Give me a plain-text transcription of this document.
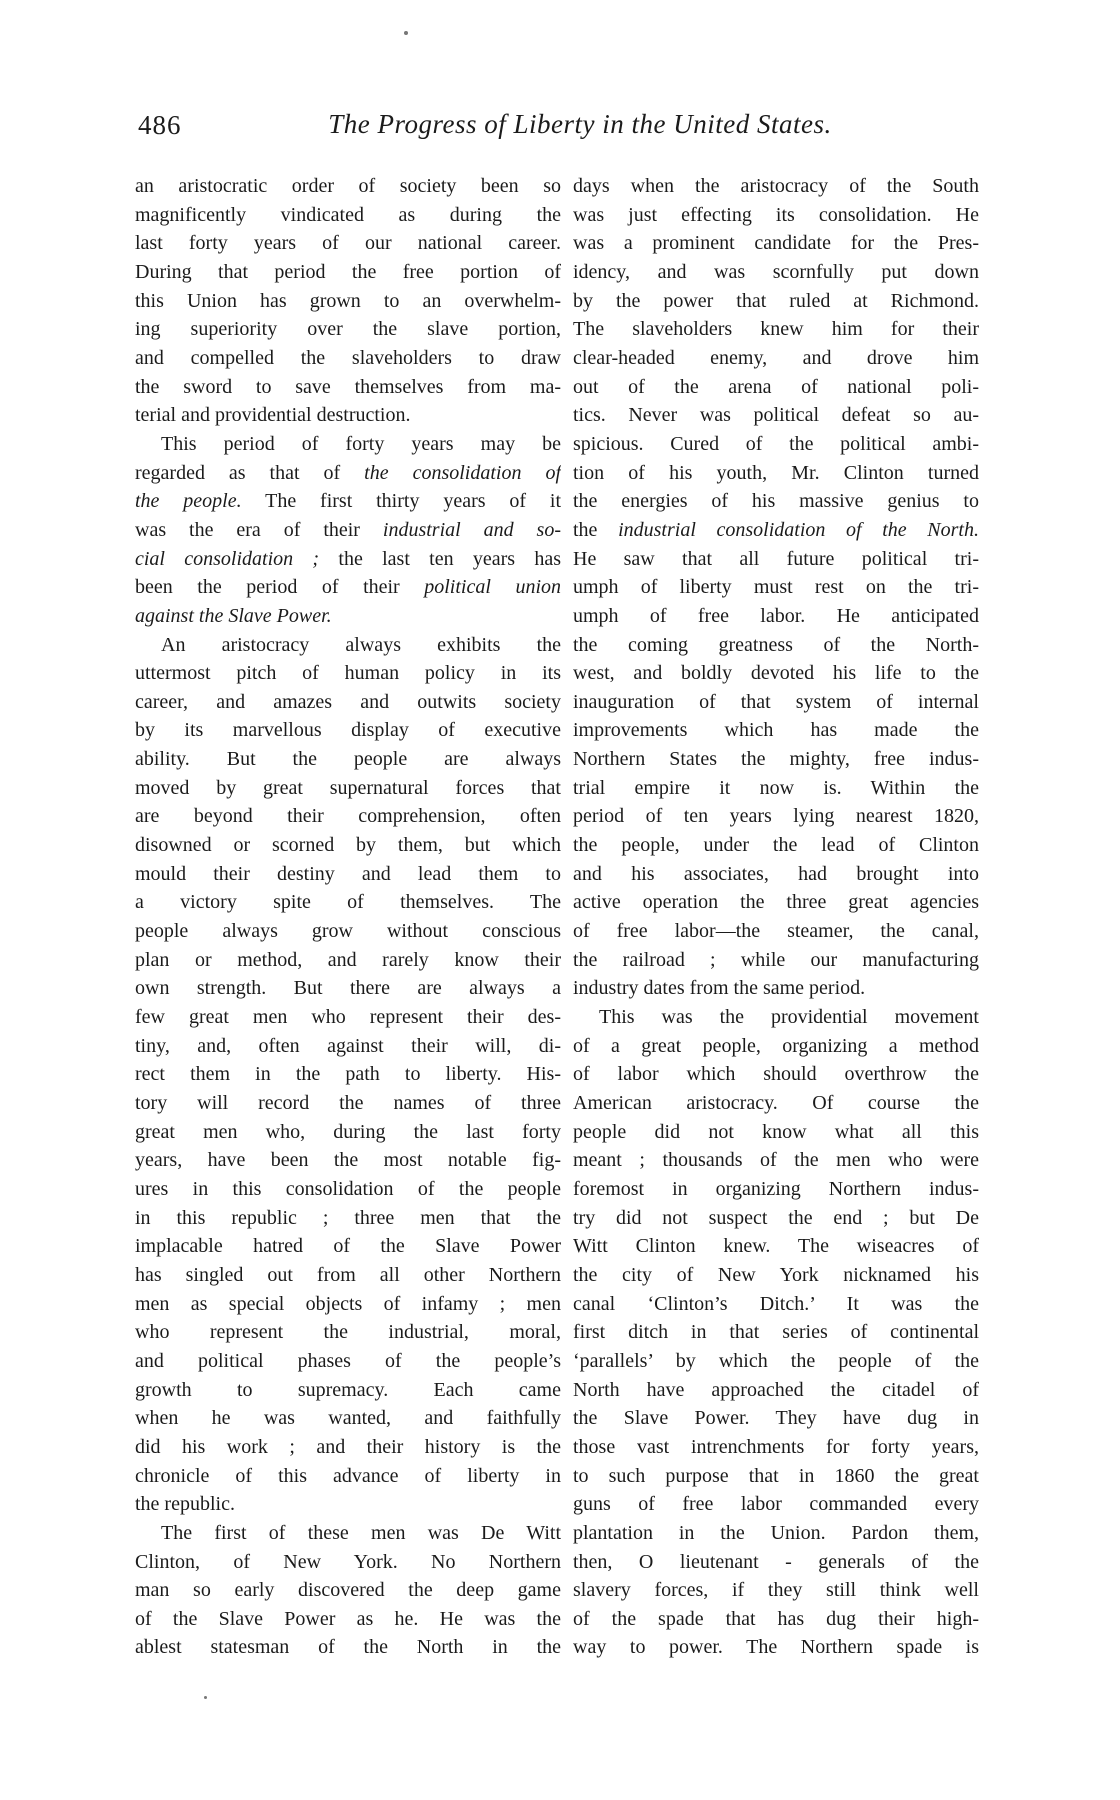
486	The Progress of Liberty in the United States.
an aristocratic order of society been so
magnificently vindicated as during the
last forty years of our national career.
During that period the free portion of
this Union has grown to an overwhelm-
ing superiority over the slave portion,
and compelled the slaveholders to draw
the sword to save themselves from ma-
terial and providential destruction.
This period of forty years may be
regarded as that of the consolidation of
the people. The first thirty years of it
was the era of their industrial and so-
cial consolidation ; the last ten years has
been the period of their political union
against the Slave Power.
An aristocracy always exhibits the
uttermost pitch of human policy in its
career, and amazes and outwits society
by its marvellous display of executive
ability. But the people are always
moved by great supernatural forces that
are beyond their comprehension, often
disowned or scorned by them, but which
mould their destiny and lead them to
a victory spite of themselves. The
people always grow without conscious
plan or method, and rarely know their
own strength. But there are always a
few great men who represent their des-
tiny, and, often against their will, di-
rect them in the path to liberty. His-
tory will record the names of three
great men who, during the last forty
years, have been the most notable fig-
ures in this consolidation of the people
in this republic ; three men that the
implacable hatred of the Slave Power
has singled out from all other Northern
men as special objects of infamy ; men
who represent the industrial, moral,
and political phases of the people’s
growth to supremacy. Each came
when he was wanted, and faithfully
did his work ; and their history is the
chronicle of this advance of liberty in
the republic.
The first of these men was De Witt
Clinton, of New York. No Northern
man so early discovered the deep game
of the Slave Power as he. He was the
ablest statesman of the North in the
days when the aristocracy of the South
was just effecting its consolidation. He
was a prominent candidate for the Pres-
idency, and was scornfully put down
by the power that ruled at Richmond.
The slaveholders knew him for their
clear-headed enemy, and drove him
out of the arena of national poli-
tics. Never was political defeat so au-
spicious. Cured of the political ambi-
tion of his youth, Mr. Clinton turned
the energies of his massive genius to
the industrial consolidation of the North.
He saw that all future political tri-
umph of liberty must rest on the tri-
umph of free labor. He anticipated
the coming greatness of the North-
west, and boldly devoted his life to the
inauguration of that system of internal
improvements which has made the
Northern States the mighty, free indus-
trial empire it now is. Within the
period of ten years lying nearest 1820,
the people, under the lead of Clinton
and his associates, had brought into
active operation the three great agencies
of free labor—the steamer, the canal,
the railroad ; while our manufacturing
industry dates from the same period.
This was the providential movement
of a great people, organizing a method
of labor which should overthrow the
American aristocracy. Of course the
people did not know what all this
meant ; thousands of the men who were
foremost in organizing Northern indus-
try did not suspect the end ; but De
Witt Clinton knew. The wiseacres of
the city of New York nicknamed his
canal ‘Clinton’s Ditch.’ It was the
first ditch in that series of continental
‘parallels’ by which the people of the
North have approached the citadel of
the Slave Power. They have dug in
those vast intrenchments for forty years,
to such purpose that in 1860 the great
guns of free labor commanded every
plantation in the Union. Pardon them,
then, O lieutenant - generals of the
slavery forces, if they still think well
of the spade that has dug their high-
way to power. The Northern spade is
